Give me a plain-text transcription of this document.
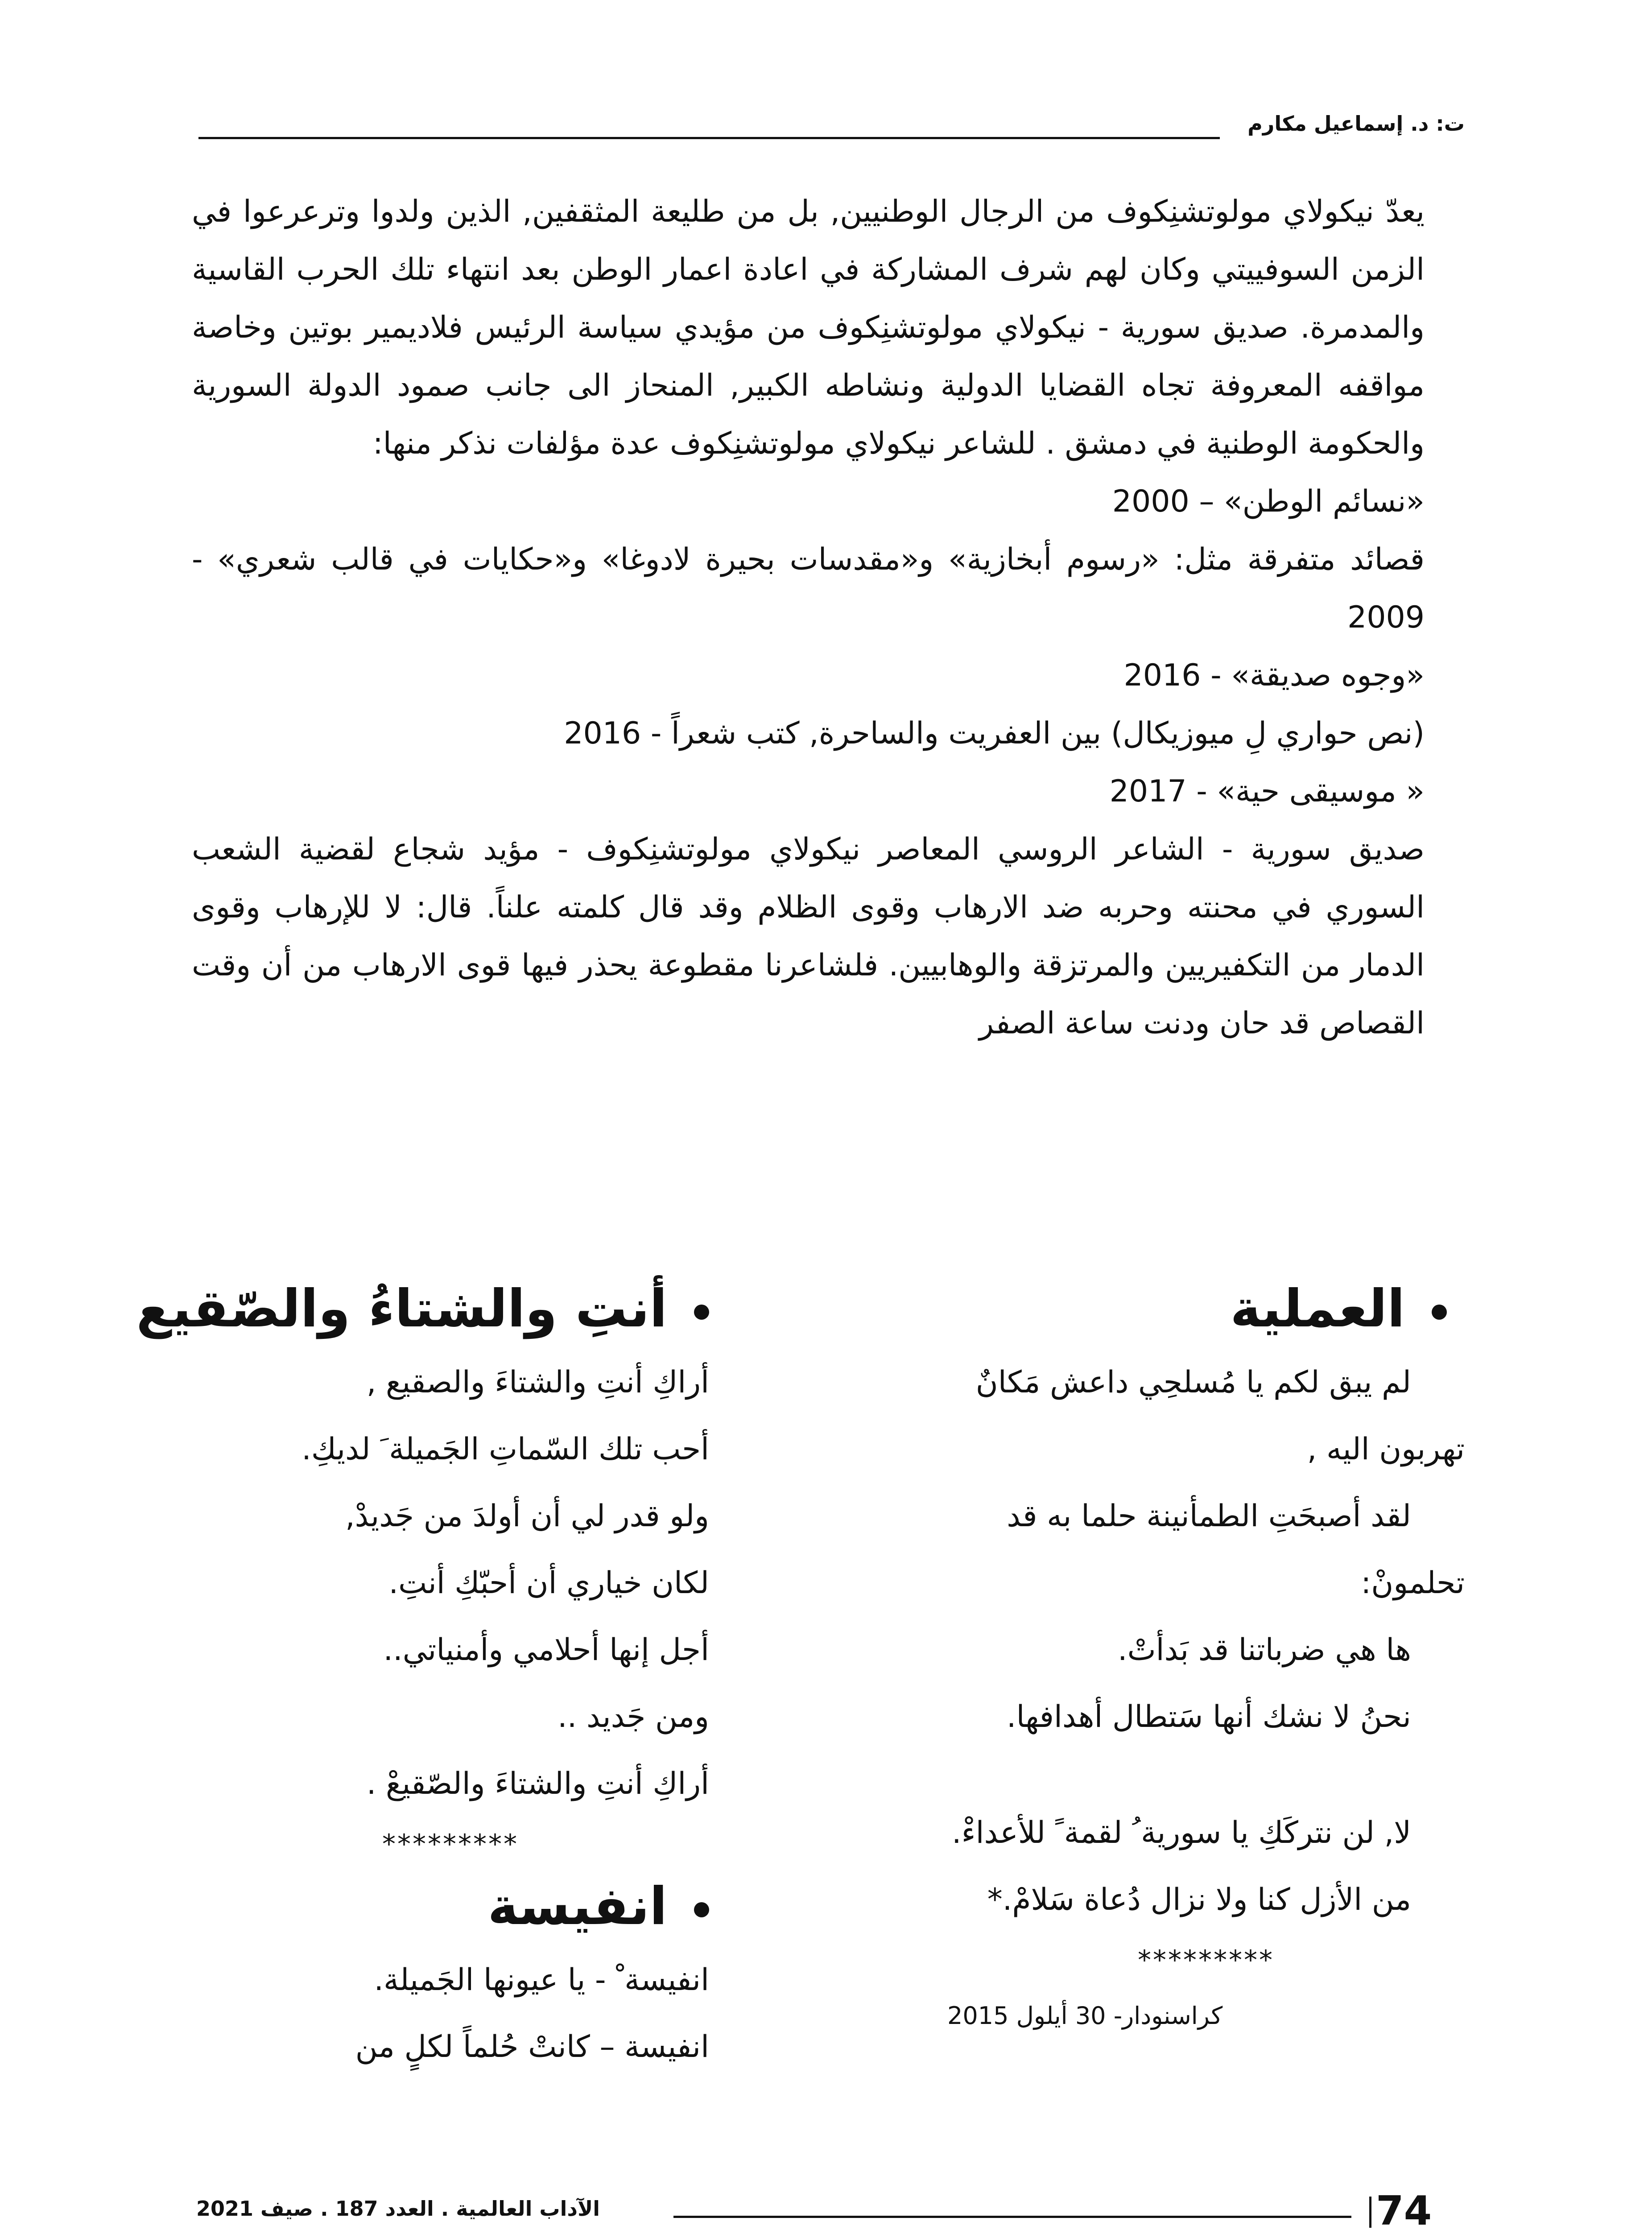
ت: د. إسماعيل مكارم

يعدّ نيكولاي مولوتشنِكوف من الرجال الوطنيين, بل من طليعة المثقفين, الذين ولدوا وترعرعوا في الزمن السوفييتي وكان لهم شرف المشاركة في اعادة اعمار الوطن بعد انتهاء تلك الحرب القاسية والمدمرة. صديق سورية - نيكولاي مولوتشنِكوف من مؤيدي سياسة الرئيس فلاديمير بوتين وخاصة مواقفه المعروفة تجاه القضايا الدولية ونشاطه الكبير, المنحاز الى جانب صمود الدولة السورية والحكومة الوطنية في دمشق . للشاعر نيكولاي مولوتشنِكوف عدة مؤلفات نذكر منها:

«نسائم الوطن» – 2000

قصائد متفرقة مثل: «رسوم أبخازية» و«مقدسات بحيرة لادوغا» و«حكايات في قالب شعري» - 2009

«وجوه صديقة» - 2016

(نص حواري لِ ميوزيكال) بين العفريت والساحرة, كتب شعراً - 2016

« موسيقى حية» - 2017

صديق سورية - الشاعر الروسي المعاصر نيكولاي مولوتشنِكوف - مؤيد شجاع لقضية الشعب السوري في محنته وحربه ضد الارهاب وقوى الظلام وقد قال كلمته علناً. قال: لا للإرهاب وقوى الدمار من التكفيريين والمرتزقة والوهابيين. فلشاعرنا مقطوعة يحذر فيها قوى الارهاب من أن وقت القصاص قد حان ودنت ساعة الصفر

العملية

لم يبق لكم يا مُسلحِي داعش مَكانٌ

تهربون اليه ,

لقد أصبحَتِ الطمأنينة حلما به قد

تحلمونْ:

ها هي ضرباتنا قد بَدأتْ.

نحنُ لا نشك أنها سَتطال أهدافها.

لا, لن نتركَكِ يا سورية ُ لقمة ً للأعداءْ.

من الأزل كنا ولا نزال دُعاة سَلامْ.*

*********

كراسنودار- 30 أيلول 2015

أنتِ والشتاءُ والصّقيع

أراكِ أنتِ والشتاءَ والصقيع ,

أحب تلك السّماتِ الجَميلة َ لديكِ.

ولو قدر لي أن أولدَ من جَديدْ,

لكان خياري أن أحبّكِ أنتِ.

أجل إنها أحلامي وأمنياتي..

ومن جَديد ..

أراكِ أنتِ والشتاءَ والصّقيعْ .

*********

انفيسة

انفيسة ْ - يا عيونها الجَميلة.

انفيسة – كانتْ حُلماً لكلٍ من

74
الآداب العالمية . العدد 187 . صيف 2021
